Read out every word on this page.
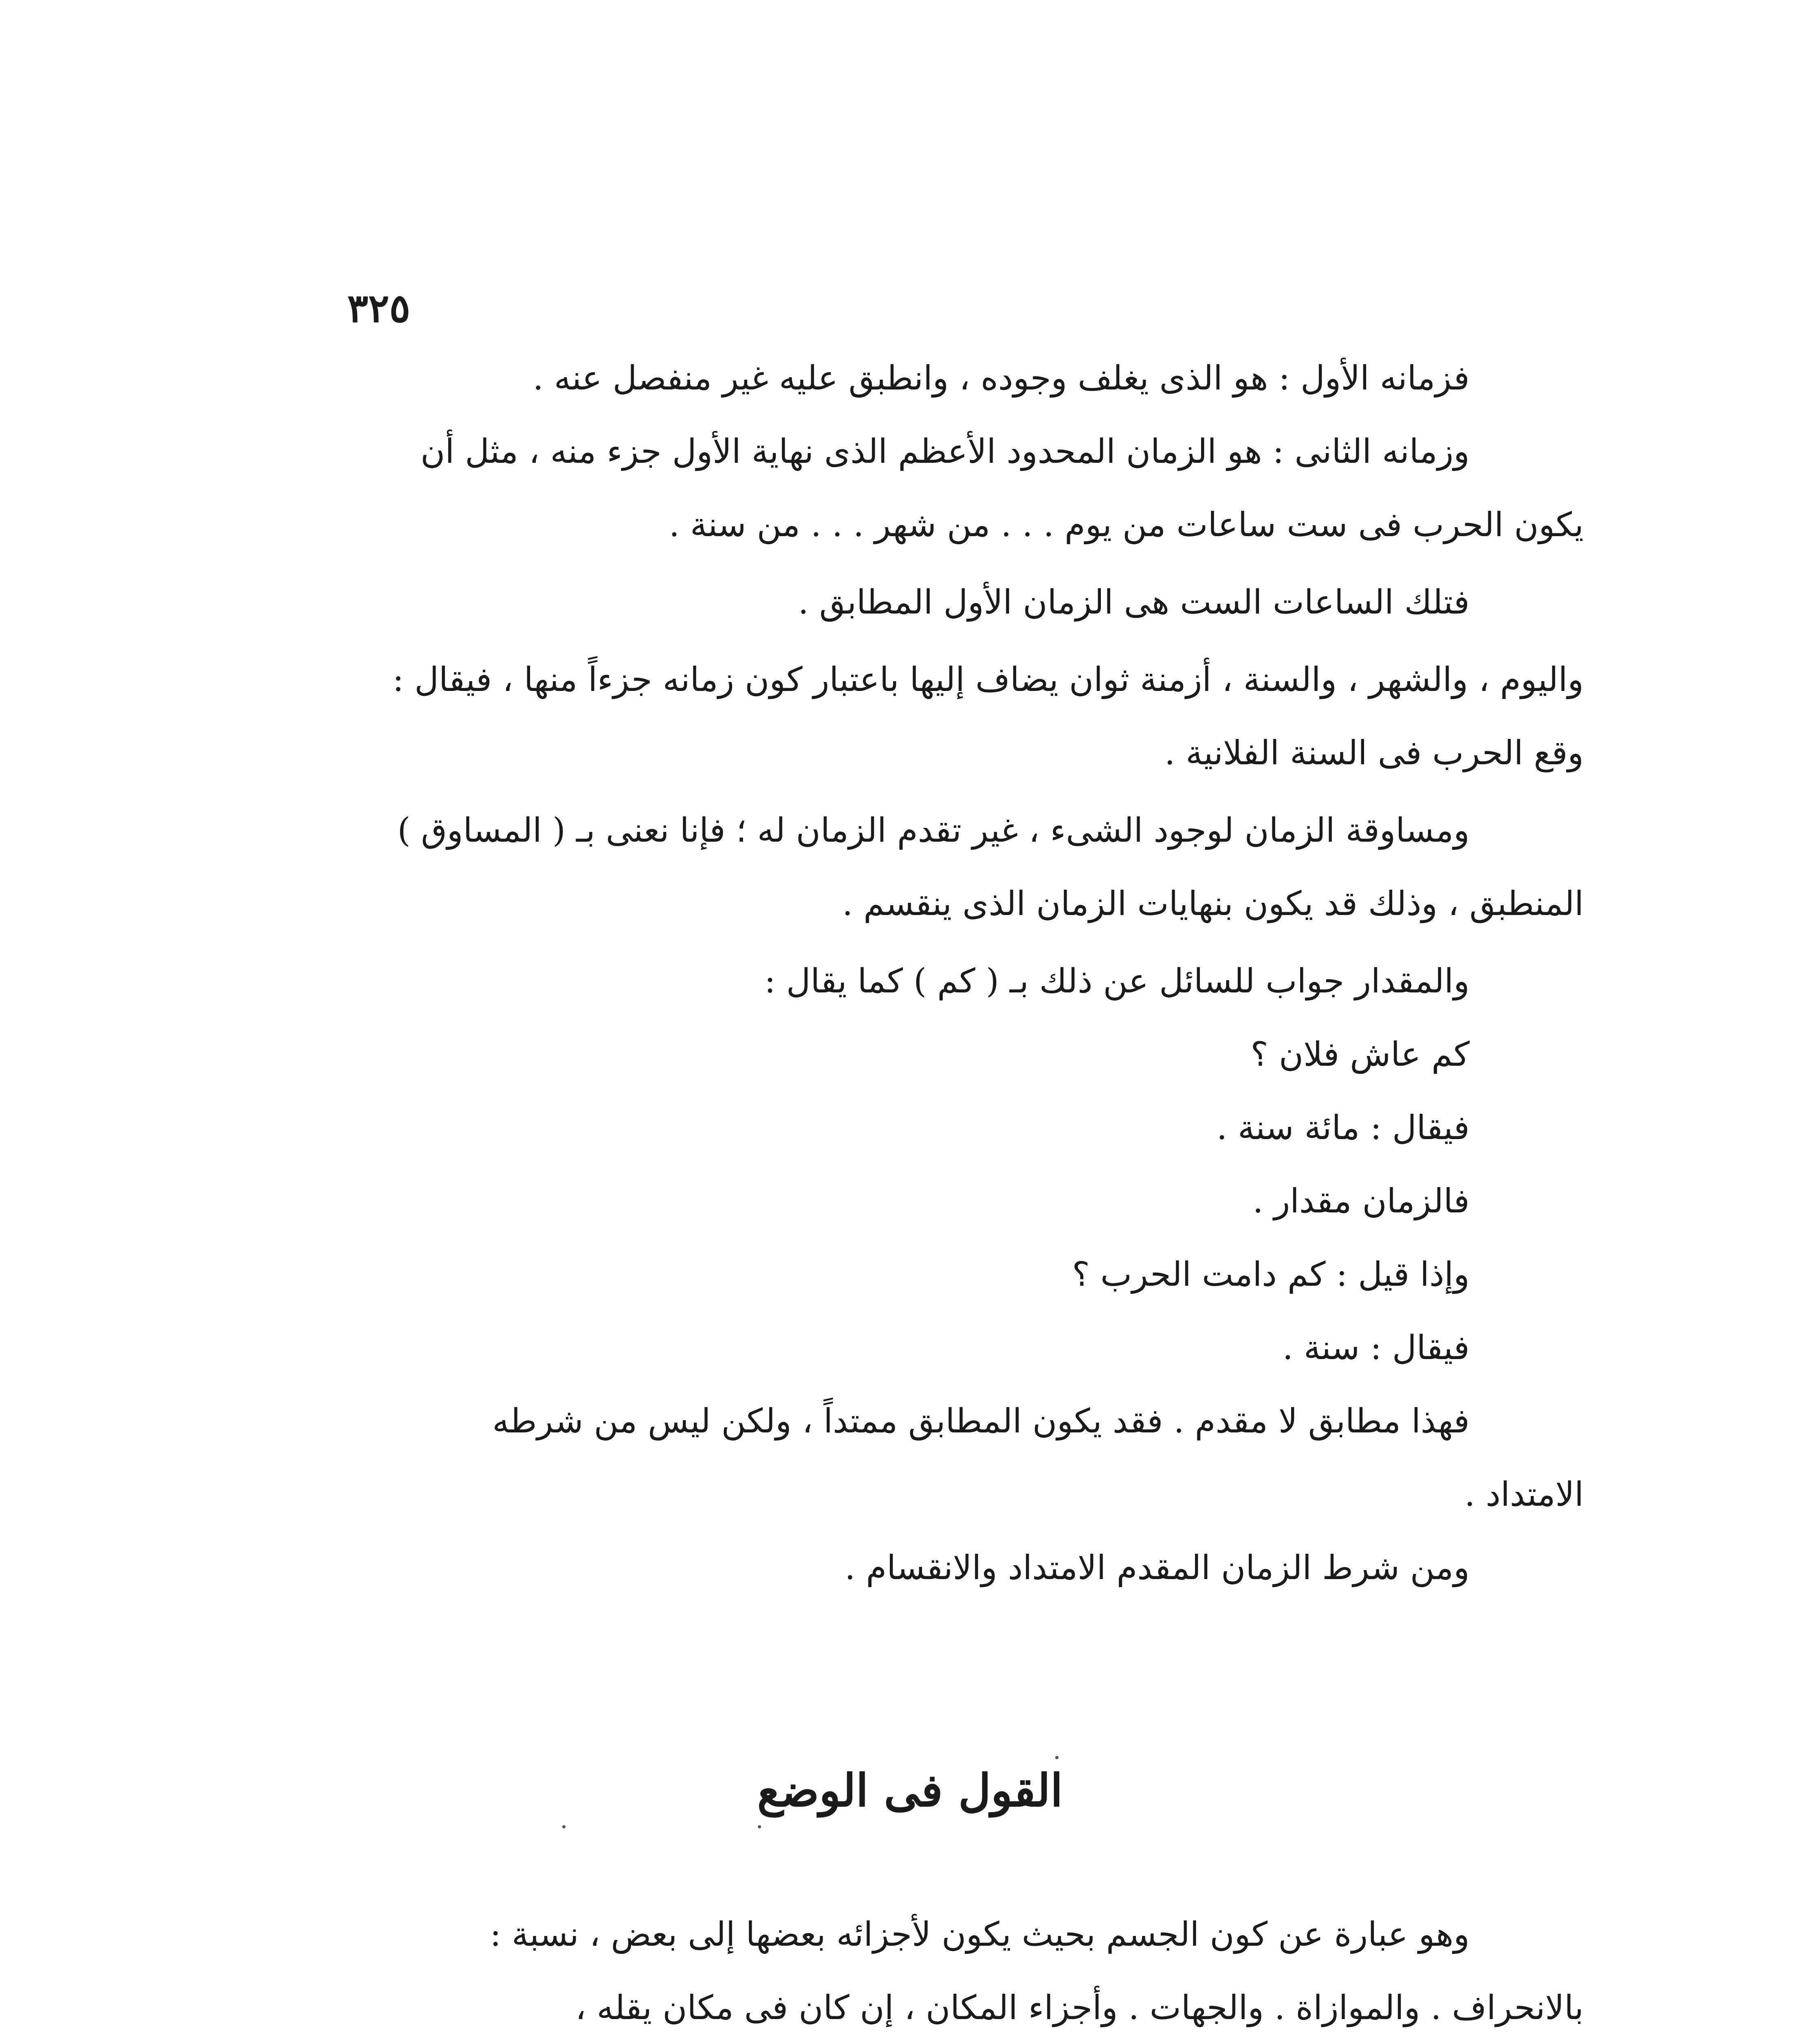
٣٢٥
فزمانه الأول : هو الذى يغلف وجوده ، وانطبق عليه غير منفصل عنه .
وزمانه الثانى : هو الزمان المحدود الأعظم الذى نهاية الأول جزء منه ، مثل أن
يكون الحرب فى ست ساعات من يوم . . . من شهر . . . من سنة .
فتلك الساعات الست هى الزمان الأول المطابق .
واليوم ، والشهر ، والسنة ، أزمنة ثوان يضاف إليها باعتبار كون زمانه جزءاً منها ، فيقال :
وقع الحرب فى السنة الفلانية .
ومساوقة الزمان لوجود الشىء ، غير تقدم الزمان له ؛ فإنا نعنى بـ ( المساوق )
المنطبق ، وذلك قد يكون بنهايات الزمان الذى ينقسم .
والمقدار جواب للسائل عن ذلك بـ ( كم ) كما يقال :
كم عاش فلان ؟
فيقال : مائة سنة .
فالزمان مقدار .
وإذا قيل : كم دامت الحرب ؟
فيقال : سنة .
فهذا مطابق لا مقدم . فقد يكون المطابق ممتداً ، ولكن ليس من شرطه
الامتداد .
ومن شرط الزمان المقدم الامتداد والانقسام .
القول فى الوضع
وهو عبارة عن كون الجسم بحيث يكون لأجزائه بعضها إلى بعض ، نسبة :
بالانحراف . والموازاة . والجهات . وأجزاء المكان ، إن كان فى مكان يقله ،
